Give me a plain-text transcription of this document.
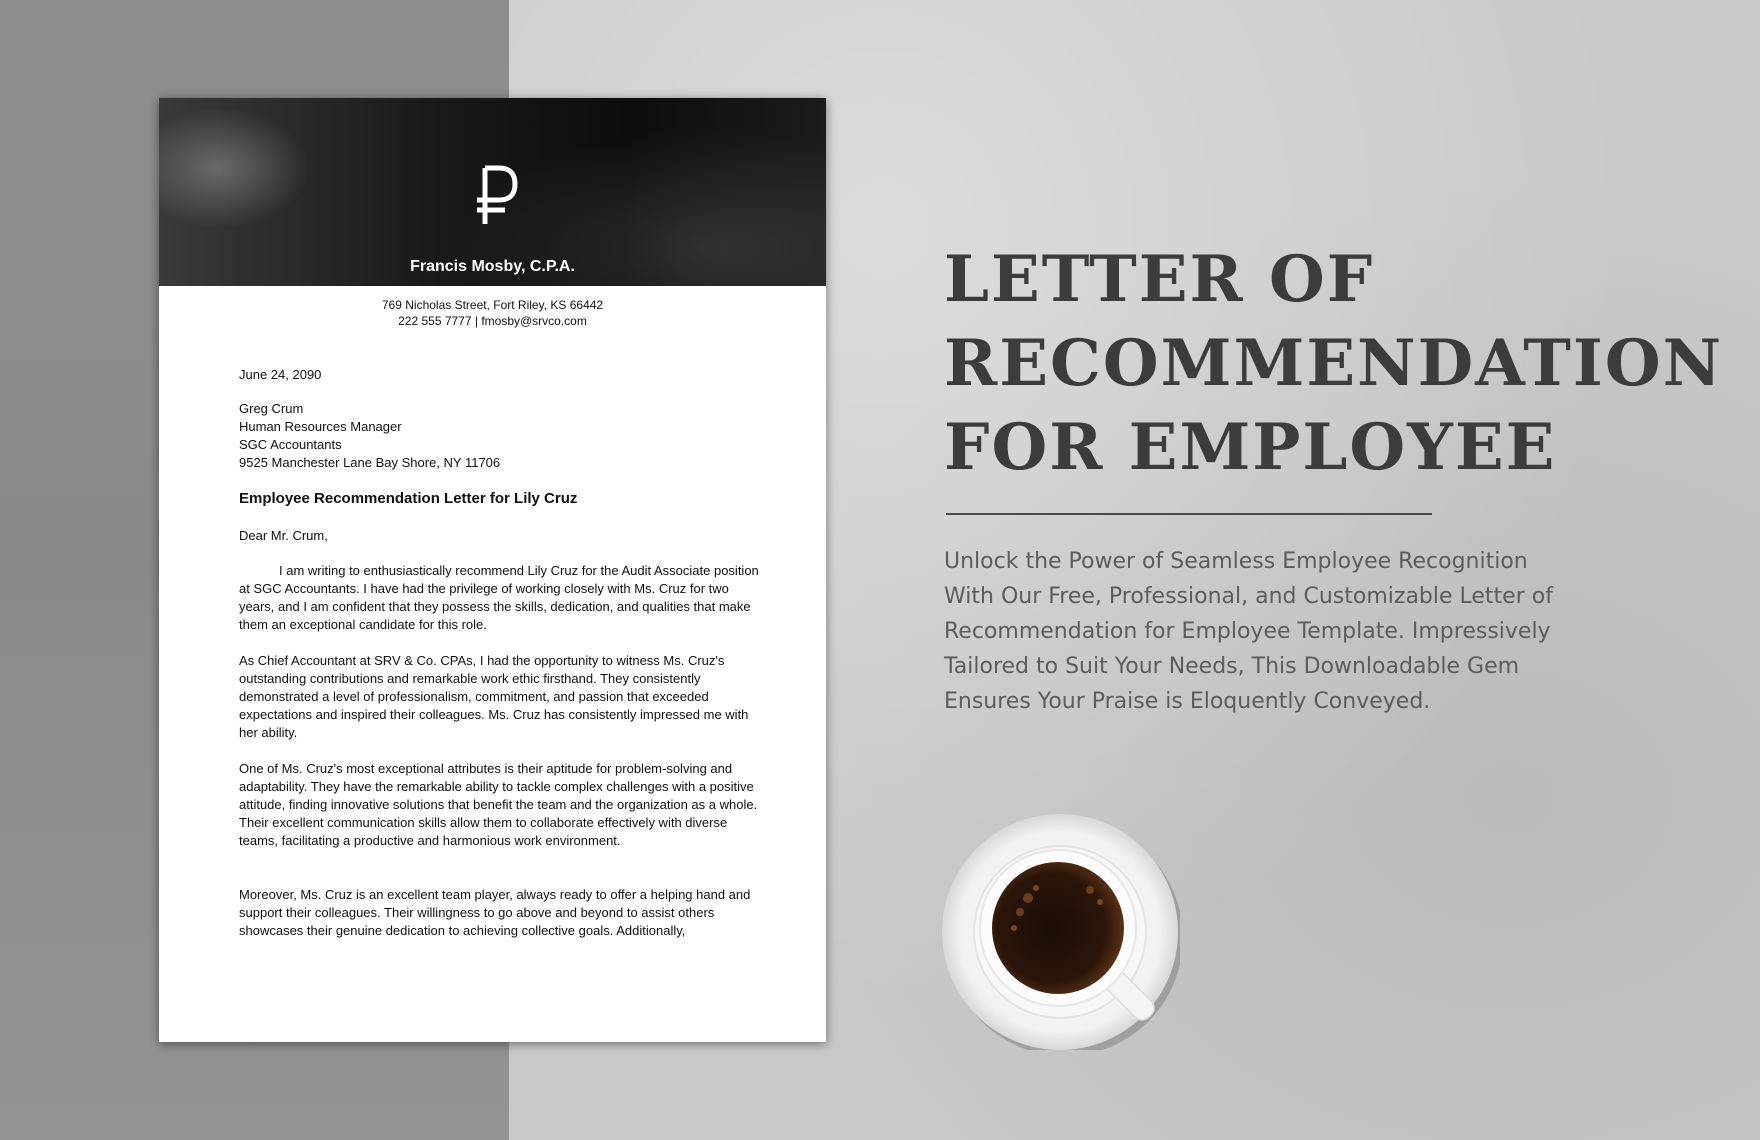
Francis Mosby, C.P.A.
769 Nicholas Street, Fort Riley, KS 66442
222 555 7777 | fmosby@srvco.com

June 24, 2090

Greg Crum

Human Resources Manager

SGC Accountants

9525 Manchester Lane Bay Shore, NY 11706

Employee Recommendation Letter for Lily Cruz

Dear Mr. Crum,

I am writing to enthusiastically recommend Lily Cruz for the Audit Associate position at SGC Accountants. I have had the privilege of working closely with Ms. Cruz for two years, and I am confident that they possess the skills, dedication, and qualities that make them an exceptional candidate for this role.

As Chief Accountant at SRV & Co. CPAs, I had the opportunity to witness Ms. Cruz's outstanding contributions and remarkable work ethic firsthand. They consistently demonstrated a level of professionalism, commitment, and passion that exceeded expectations and inspired their colleagues. Ms. Cruz has consistently impressed me with her ability.

One of Ms. Cruz's most exceptional attributes is their aptitude for problem-solving and adaptability. They have the remarkable ability to tackle complex challenges with a positive attitude, finding innovative solutions that benefit the team and the organization as a whole. Their excellent communication skills allow them to collaborate effectively with diverse teams, facilitating a productive and harmonious work environment.

Moreover, Ms. Cruz is an excellent team player, always ready to offer a helping hand and support their colleagues. Their willingness to go above and beyond to assist others showcases their genuine dedication to achieving collective goals. Additionally,

LETTER OF RECOMMENDATION FOR EMPLOYEE

Unlock the Power of Seamless Employee Recognition With Our Free, Professional, and Customizable Letter of Recommendation for Employee Template. Impressively Tailored to Suit Your Needs, This Downloadable Gem Ensures Your Praise is Eloquently Conveyed.
